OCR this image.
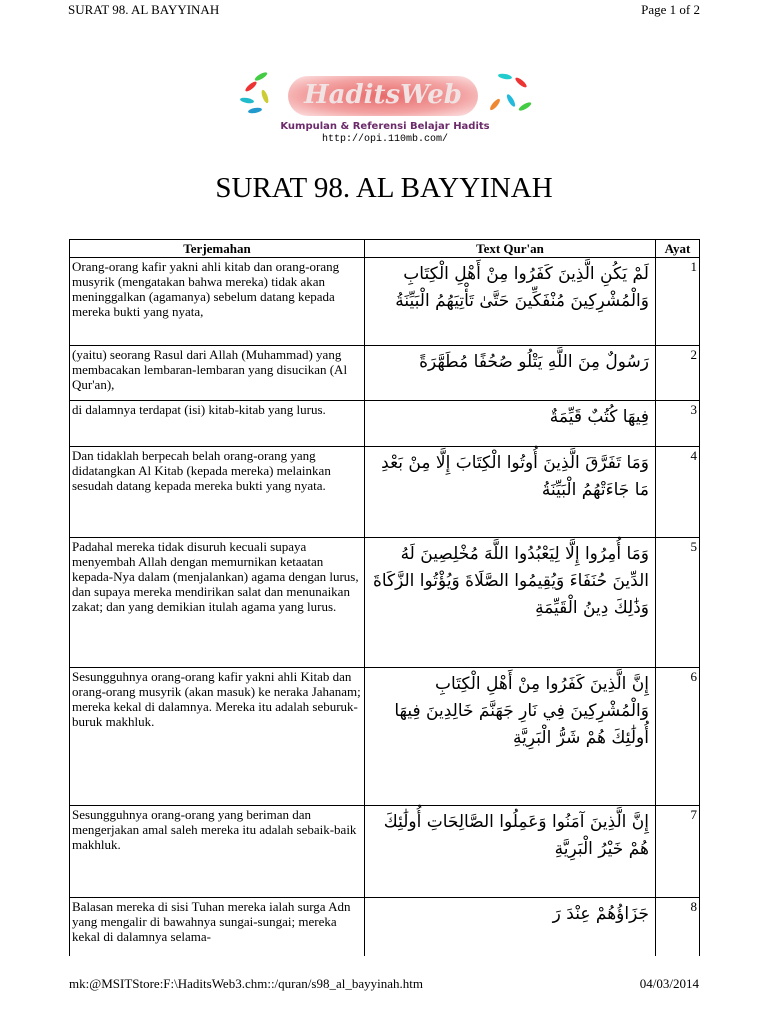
SURAT 98. AL BAYYINAH	Page 1 of 2
HaditsWeb
Kumpulan & Referensi Belajar Hadits
http://opi.110mb.com/
SURAT 98. AL BAYYINAH
Terjemahan	Text Qur'an	Ayat
Orang-orang kafir yakni ahli kitab dan orang-orang musyrik (mengatakan bahwa mereka) tidak akan meninggalkan (agamanya) sebelum datang kepada mereka bukti yang nyata,	لَمْ يَكُنِ الَّذِينَ كَفَرُوا مِنْ أَهْلِ الْكِتَابِ وَالْمُشْرِكِينَ مُنْفَكِّينَ حَتَّىٰ تَأْتِيَهُمُ الْبَيِّنَةُ	1
(yaitu) seorang Rasul dari Allah (Muhammad) yang membacakan lembaran-lembaran yang disucikan (Al Qur'an),	رَسُولٌ مِنَ اللَّهِ يَتْلُو صُحُفًا مُطَهَّرَةً	2
di dalamnya terdapat (isi) kitab-kitab yang lurus.	فِيهَا كُتُبٌ قَيِّمَةٌ	3
Dan tidaklah berpecah belah orang-orang yang didatangkan Al Kitab (kepada mereka) melainkan sesudah datang kepada mereka bukti yang nyata.	وَمَا تَفَرَّقَ الَّذِينَ أُوتُوا الْكِتَابَ إِلَّا مِنْ بَعْدِ مَا جَاءَتْهُمُ الْبَيِّنَةُ	4
Padahal mereka tidak disuruh kecuali supaya menyembah Allah dengan memurnikan ketaatan kepada-Nya dalam (menjalankan) agama dengan lurus, dan supaya mereka mendirikan salat dan menunaikan zakat; dan yang demikian itulah agama yang lurus.	وَمَا أُمِرُوا إِلَّا لِيَعْبُدُوا اللَّهَ مُخْلِصِينَ لَهُ الدِّينَ حُنَفَاءَ وَيُقِيمُوا الصَّلَاةَ وَيُؤْتُوا الزَّكَاةَ وَذَٰلِكَ دِينُ الْقَيِّمَةِ	5
Sesungguhnya orang-orang kafir yakni ahli Kitab dan orang-orang musyrik (akan masuk) ke neraka Jahanam; mereka kekal di dalamnya. Mereka itu adalah seburuk-buruk makhluk.	إِنَّ الَّذِينَ كَفَرُوا مِنْ أَهْلِ الْكِتَابِ وَالْمُشْرِكِينَ فِي نَارِ جَهَنَّمَ خَالِدِينَ فِيهَا أُولَٰئِكَ هُمْ شَرُّ الْبَرِيَّةِ	6
Sesungguhnya orang-orang yang beriman dan mengerjakan amal saleh mereka itu adalah sebaik-baik makhluk.	إِنَّ الَّذِينَ آمَنُوا وَعَمِلُوا الصَّالِحَاتِ أُولَٰئِكَ هُمْ خَيْرُ الْبَرِيَّةِ	7
Balasan mereka di sisi Tuhan mereka ialah surga Adn yang mengalir di bawahnya sungai-sungai; mereka kekal di dalamnya selama-	جَزَاؤُهُمْ عِنْدَ رَ	8
mk:@MSITStore:F:\HaditsWeb3.chm::/quran/s98_al_bayyinah.htm	04/03/2014
